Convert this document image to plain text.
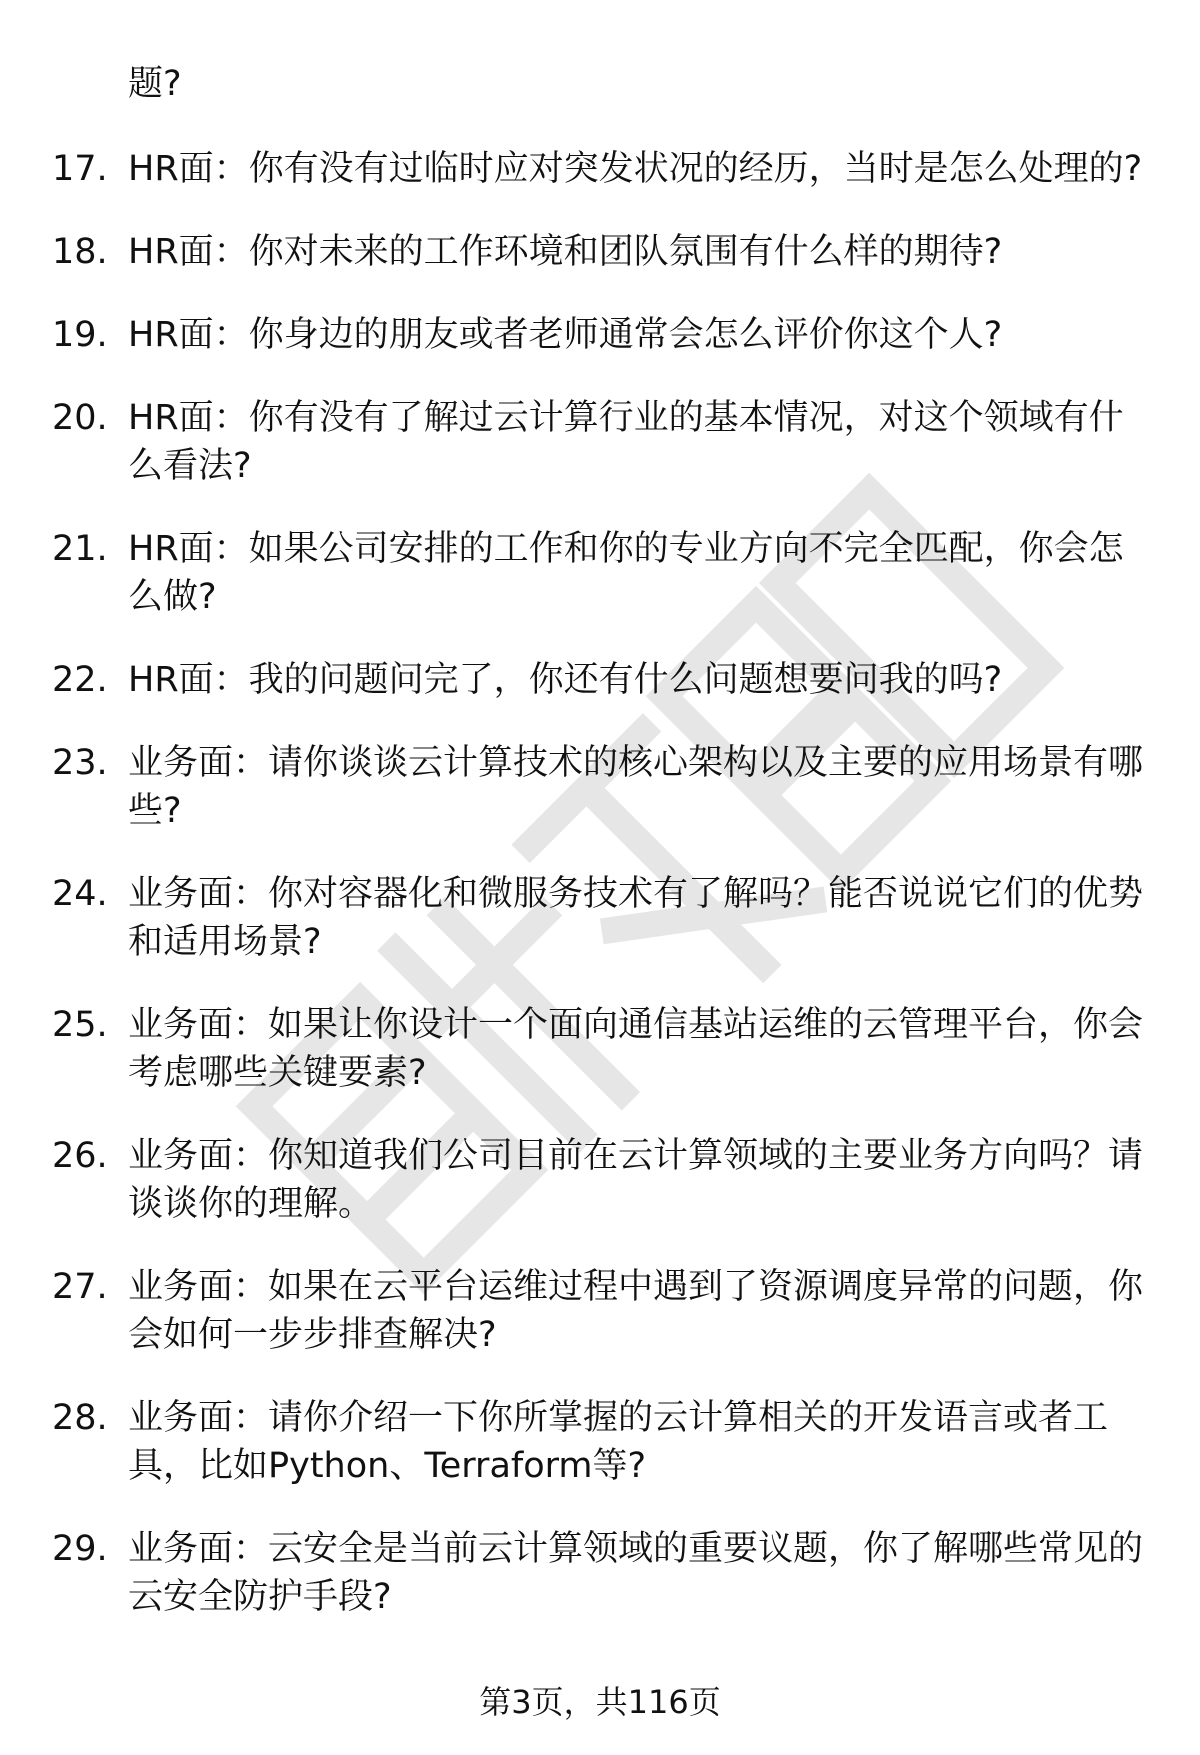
题?
17. HR面：你有没有过临时应对突发状况的经历，当时是怎么处理的?
18. HR面：你对未来的工作环境和团队氛围有什么样的期待?
19. HR面：你身边的朋友或者老师通常会怎么评价你这个人?
20. HR面：你有没有了解过云计算行业的基本情况，对这个领域有什么看法?
21. HR面：如果公司安排的工作和你的专业方向不完全匹配，你会怎么做?
22. HR面：我的问题问完了，你还有什么问题想要问我的吗?
23. 业务面：请你谈谈云计算技术的核心架构以及主要的应用场景有哪些?
24. 业务面：你对容器化和微服务技术有了解吗？能否说说它们的优势和适用场景?
25. 业务面：如果让你设计一个面向通信基站运维的云管理平台，你会考虑哪些关键要素?
26. 业务面：你知道我们公司目前在云计算领域的主要业务方向吗？请谈谈你的理解。
27. 业务面：如果在云平台运维过程中遇到了资源调度异常的问题，你会如何一步步排查解决?
28. 业务面：请你介绍一下你所掌握的云计算相关的开发语言或者工具，比如Python、Terraform等?
29. 业务面：云安全是当前云计算领域的重要议题，你了解哪些常见的云安全防护手段?
第3页，共116页
